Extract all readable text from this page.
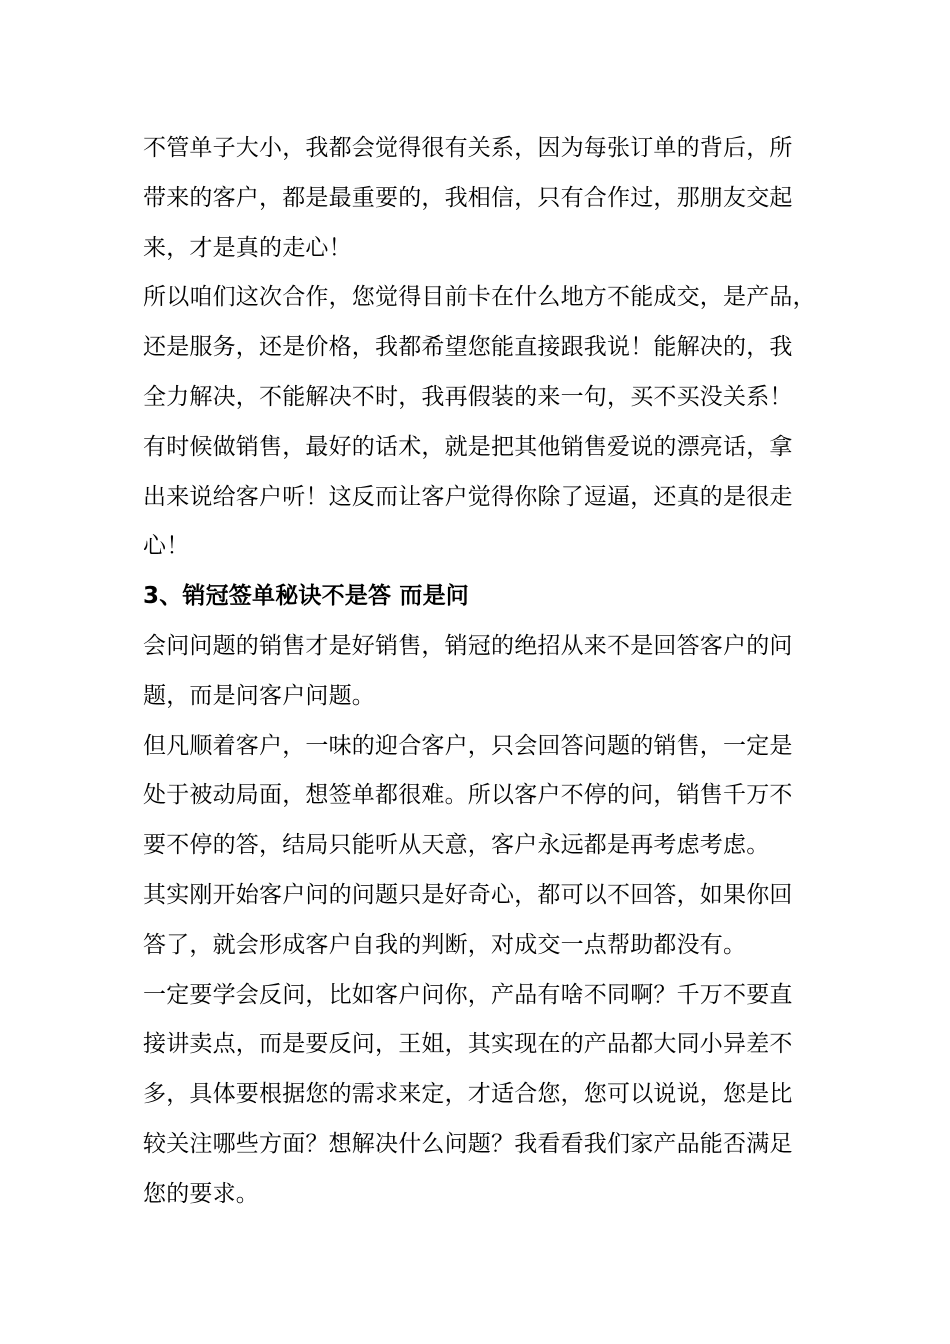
不管单子大小，我都会觉得很有关系，因为每张订单的背后，所
带来的客户，都是最重要的，我相信，只有合作过，那朋友交起
来，才是真的走心！
所以咱们这次合作，您觉得目前卡在什么地方不能成交，是产品，
还是服务，还是价格，我都希望您能直接跟我说！能解决的，我
全力解决，不能解决不时，我再假装的来一句，买不买没关系！
有时候做销售，最好的话术，就是把其他销售爱说的漂亮话，拿
出来说给客户听！这反而让客户觉得你除了逗逼，还真的是很走
心！
3、销冠签单秘诀不是答 而是问
会问问题的销售才是好销售，销冠的绝招从来不是回答客户的问
题，而是问客户问题。
但凡顺着客户，一味的迎合客户，只会回答问题的销售，一定是
处于被动局面，想签单都很难。所以客户不停的问，销售千万不
要不停的答，结局只能听从天意，客户永远都是再考虑考虑。
其实刚开始客户问的问题只是好奇心，都可以不回答，如果你回
答了，就会形成客户自我的判断，对成交一点帮助都没有。
一定要学会反问，比如客户问你，产品有啥不同啊？千万不要直
接讲卖点，而是要反问，王姐，其实现在的产品都大同小异差不
多，具体要根据您的需求来定，才适合您，您可以说说，您是比
较关注哪些方面？想解决什么问题？我看看我们家产品能否满足
您的要求。
